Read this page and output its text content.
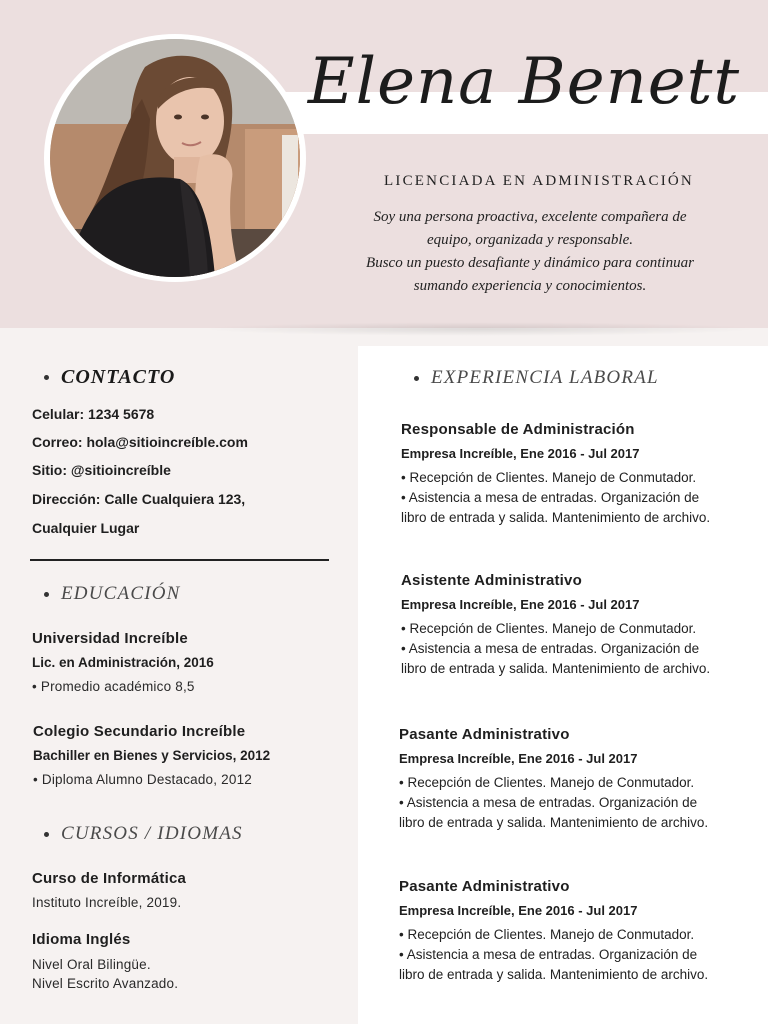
Elena Benett
LICENCIADA EN ADMINISTRACIÓN
Soy una persona proactiva, excelente compañera de
equipo, organizada y responsable.
Busco un puesto desafiante y dinámico para continuar
sumando experiencia y conocimientos.
CONTACTO
Celular: 1234 5678
Correo: hola@sitioincreíble.com
Sitio: @sitioincreíble
Dirección: Calle Cualquiera 123,
Cualquier Lugar
EDUCACIÓN
Universidad Increíble
Lic. en Administración, 2016
• Promedio académico 8,5
Colegio Secundario Increíble
Bachiller en Bienes y Servicios, 2012
• Diploma Alumno Destacado, 2012
CURSOS / IDIOMAS
Curso de Informática
Instituto Increíble, 2019.
Idioma Inglés
Nivel Oral Bilingüe.
Nivel Escrito Avanzado.
EXPERIENCIA LABORAL
Responsable de Administración
Empresa Increíble, Ene 2016 - Jul 2017
• Recepción de Clientes. Manejo de Conmutador.
• Asistencia a mesa de entradas. Organización de
libro de entrada y salida. Mantenimiento de archivo.
Asistente Administrativo
Empresa Increíble, Ene 2016 - Jul 2017
• Recepción de Clientes. Manejo de Conmutador.
• Asistencia a mesa de entradas. Organización de
libro de entrada y salida. Mantenimiento de archivo.
Pasante Administrativo
Empresa Increíble, Ene 2016 - Jul 2017
• Recepción de Clientes. Manejo de Conmutador.
• Asistencia a mesa de entradas. Organización de
libro de entrada y salida. Mantenimiento de archivo.
Pasante Administrativo
Empresa Increíble, Ene 2016 - Jul 2017
• Recepción de Clientes. Manejo de Conmutador.
• Asistencia a mesa de entradas. Organización de
libro de entrada y salida. Mantenimiento de archivo.
